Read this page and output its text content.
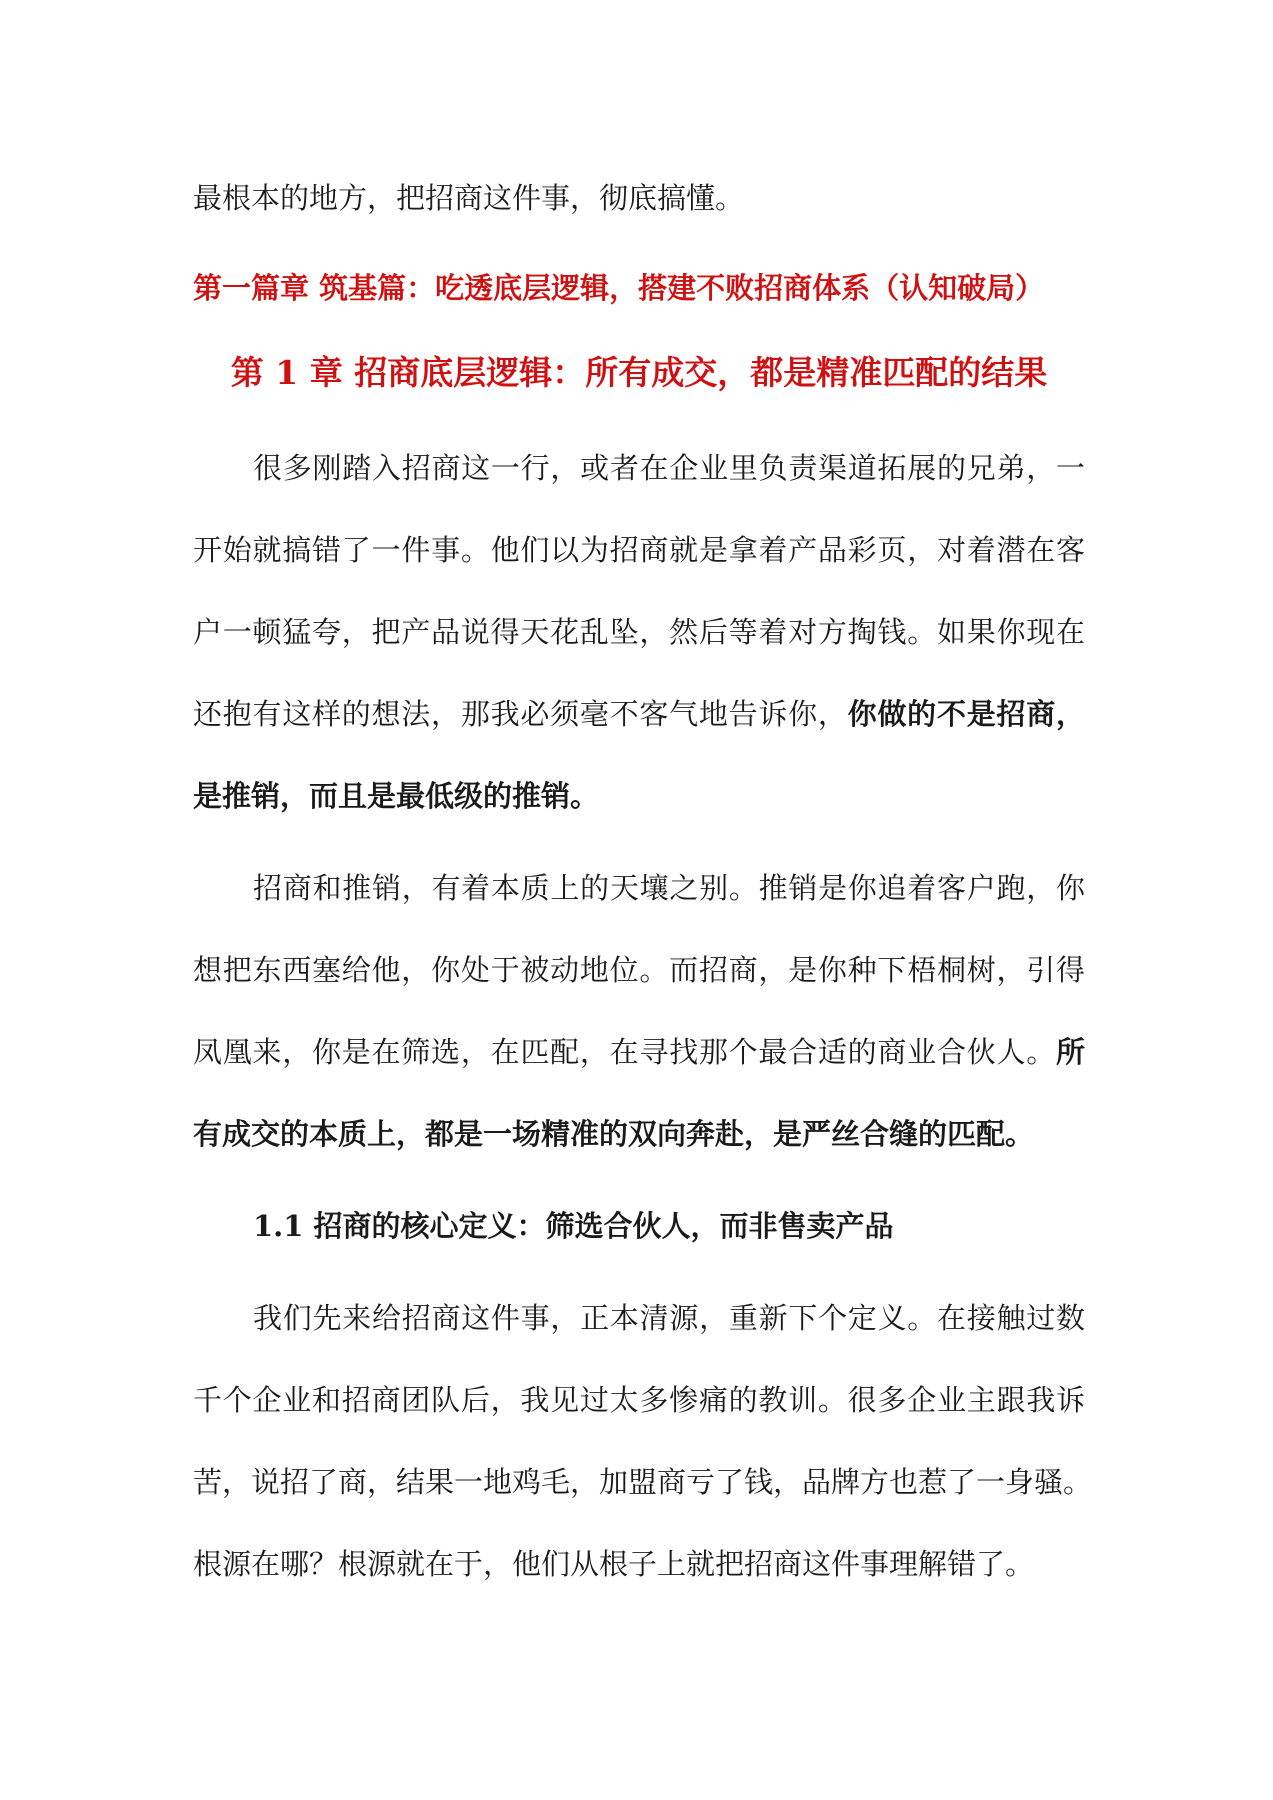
最根本的地方，把招商这件事，彻底搞懂。
第一篇章 筑基篇：吃透底层逻辑，搭建不败招商体系（认知破局）
第 1 章 招商底层逻辑：所有成交，都是精准匹配的结果
很多刚踏入招商这一行，或者在企业里负责渠道拓展的兄弟，一
开始就搞错了一件事。他们以为招商就是拿着产品彩页，对着潜在客
户一顿猛夸，把产品说得天花乱坠，然后等着对方掏钱。如果你现在
还抱有这样的想法，那我必须毫不客气地告诉你，你做的不是招商，
是推销，而且是最低级的推销。
招商和推销，有着本质上的天壤之别。推销是你追着客户跑，你
想把东西塞给他，你处于被动地位。而招商，是你种下梧桐树，引得
凤凰来，你是在筛选，在匹配，在寻找那个最合适的商业合伙人。所
有成交的本质上，都是一场精准的双向奔赴，是严丝合缝的匹配。
1.1 招商的核心定义：筛选合伙人，而非售卖产品
我们先来给招商这件事，正本清源，重新下个定义。在接触过数
千个企业和招商团队后，我见过太多惨痛的教训。很多企业主跟我诉
苦，说招了商，结果一地鸡毛，加盟商亏了钱，品牌方也惹了一身骚。
根源在哪？根源就在于，他们从根子上就把招商这件事理解错了。
